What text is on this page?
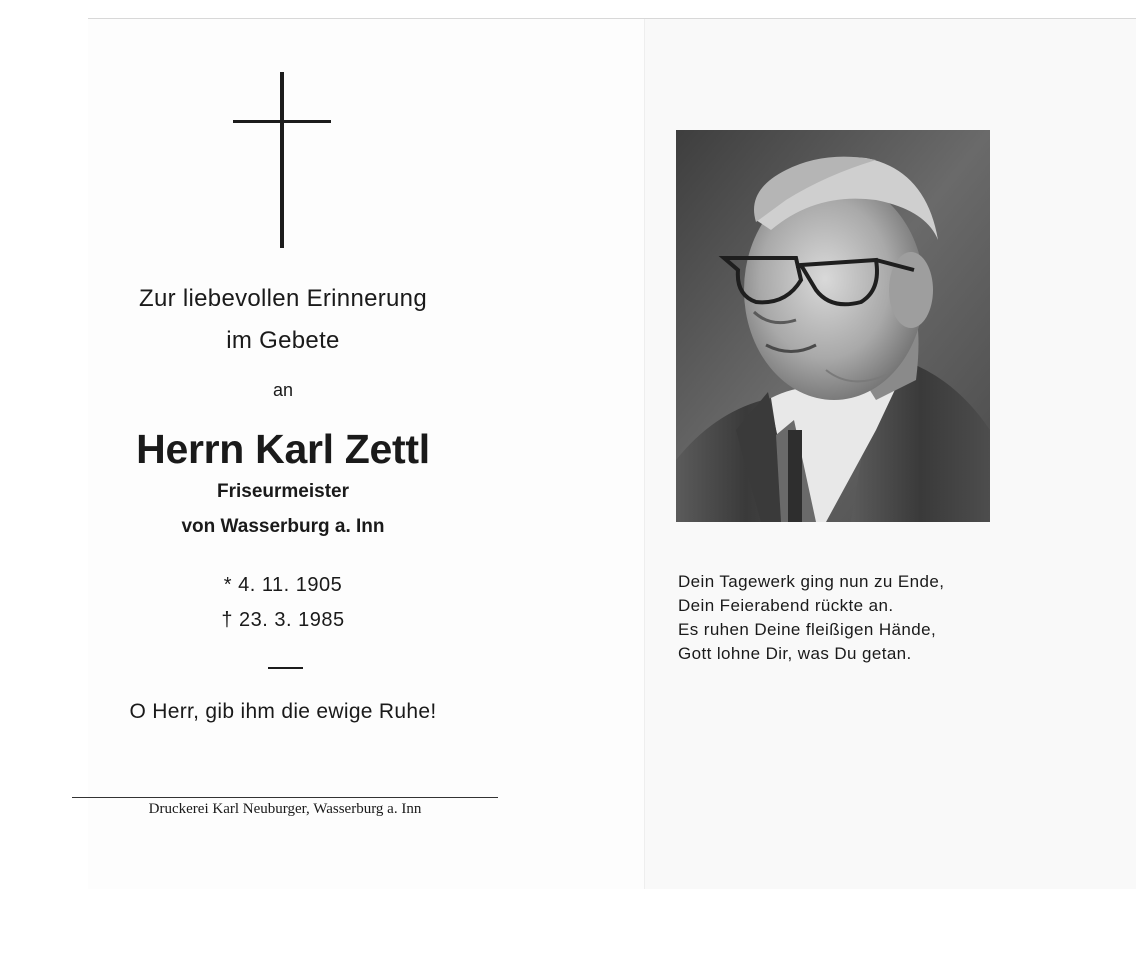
Zur liebevollen Erinnerung
im Gebete
an
Herrn Karl Zettl
Friseurmeister
von Wasserburg a. Inn
* 4. 11. 1905
† 23. 3. 1985
O Herr, gib ihm die ewige Ruhe!
Druckerei Karl Neuburger, Wasserburg a. Inn
Dein Tagewerk ging nun zu Ende,
Dein Feierabend rückte an.
Es ruhen Deine fleißigen Hände,
Gott lohne Dir, was Du getan.
